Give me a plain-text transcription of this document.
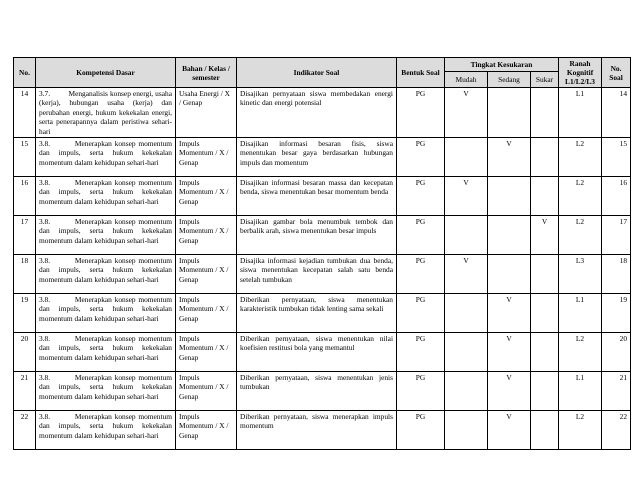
No.	Kompetensi Dasar	Bahan / Kelas / semester	Indikator Soal	Bentuk Soal	Tingkat Kesukaran			Ranah Kognitif L1/L2/L3	No. Soal
					Mudah	Sedang	Sukar		
14	3.7.         Menganalisis konsep energi, usaha (kerja), hubungan usaha (kerja) dan perubahan energi, hukum kekekalan energi, serta penerapannya dalam peristiwa sehari-hari	Usaha Energi / X / Genap	Disajikan pernyataan siswa membedakan energi kinetic dan energi potensial	PG	V			L1	14
15	3.8.         Menerapkan konsep momentum dan impuls, serta hukum kekekalan momentum dalam kehidupan sehari-hari	Impuls Momentum / X / Genap	Disajikan informasi besaran fisis, siswa menentukan besar gaya berdasarkan hubungan impuls dan momentum	PG		V		L2	15
16	3.8.         Menerapkan konsep momentum dan impuls, serta hukum kekekalan momentum dalam kehidupan sehari-hari	Impuls Momentum / X / Genap	Disajikan informasi besaran massa dan kecepatan benda, siswa menentukan besar momentum benda	PG	V			L2	16
17	3.8.         Menerapkan konsep momentum dan impuls, serta hukum kekekalan momentum dalam kehidupan sehari-hari	Impuls Momentum / X / Genap	Disajikan gambar bola menumbuk tembok dan berbalik arah, siswa menentukan besar impuls	PG			V	L2	17
18	3.8.         Menerapkan konsep momentum dan impuls, serta hukum kekekalan momentum dalam kehidupan sehari-hari	Impuls Momentum / X / Genap	Disajika informasi kejadian tumbukan dua benda, siswa menentukan kecepatan salah satu benda setelah tumbukan	PG	V			L3	18
19	3.8.         Menerapkan konsep momentum dan impuls, serta hukum kekekalan momentum dalam kehidupan sehari-hari	Impuls Momentum / X / Genap	Diberikan pernyataan, siswa menentukan karakteristik tumbukan tidak lenting sama sekali	PG		V		L1	19
20	3.8.         Menerapkan konsep momentum dan impuls, serta hukum kekekalan momentum dalam kehidupan sehari-hari	Impuls Momentum / X / Genap	Diberikan pernyataan, siswa menentukan nilai koefisien restitusi bola yang memantul	PG		V		L2	20
21	3.8.         Menerapkan konsep momentum dan impuls, serta hukum kekekalan momentum dalam kehidupan sehari-hari	Impuls Momentum / X / Genap	Diberikan pernyataan, siswa menentukan jenis tumbukan	PG		V		L1	21
22	3.8.         Menerapkan konsep momentum dan impuls, serta hukum kekekalan momentum dalam kehidupan sehari-hari	Impuls Momentum / X / Genap	Diberikan pernyataan, siswa menerapkan impuls momentum	PG		V		L2	22
